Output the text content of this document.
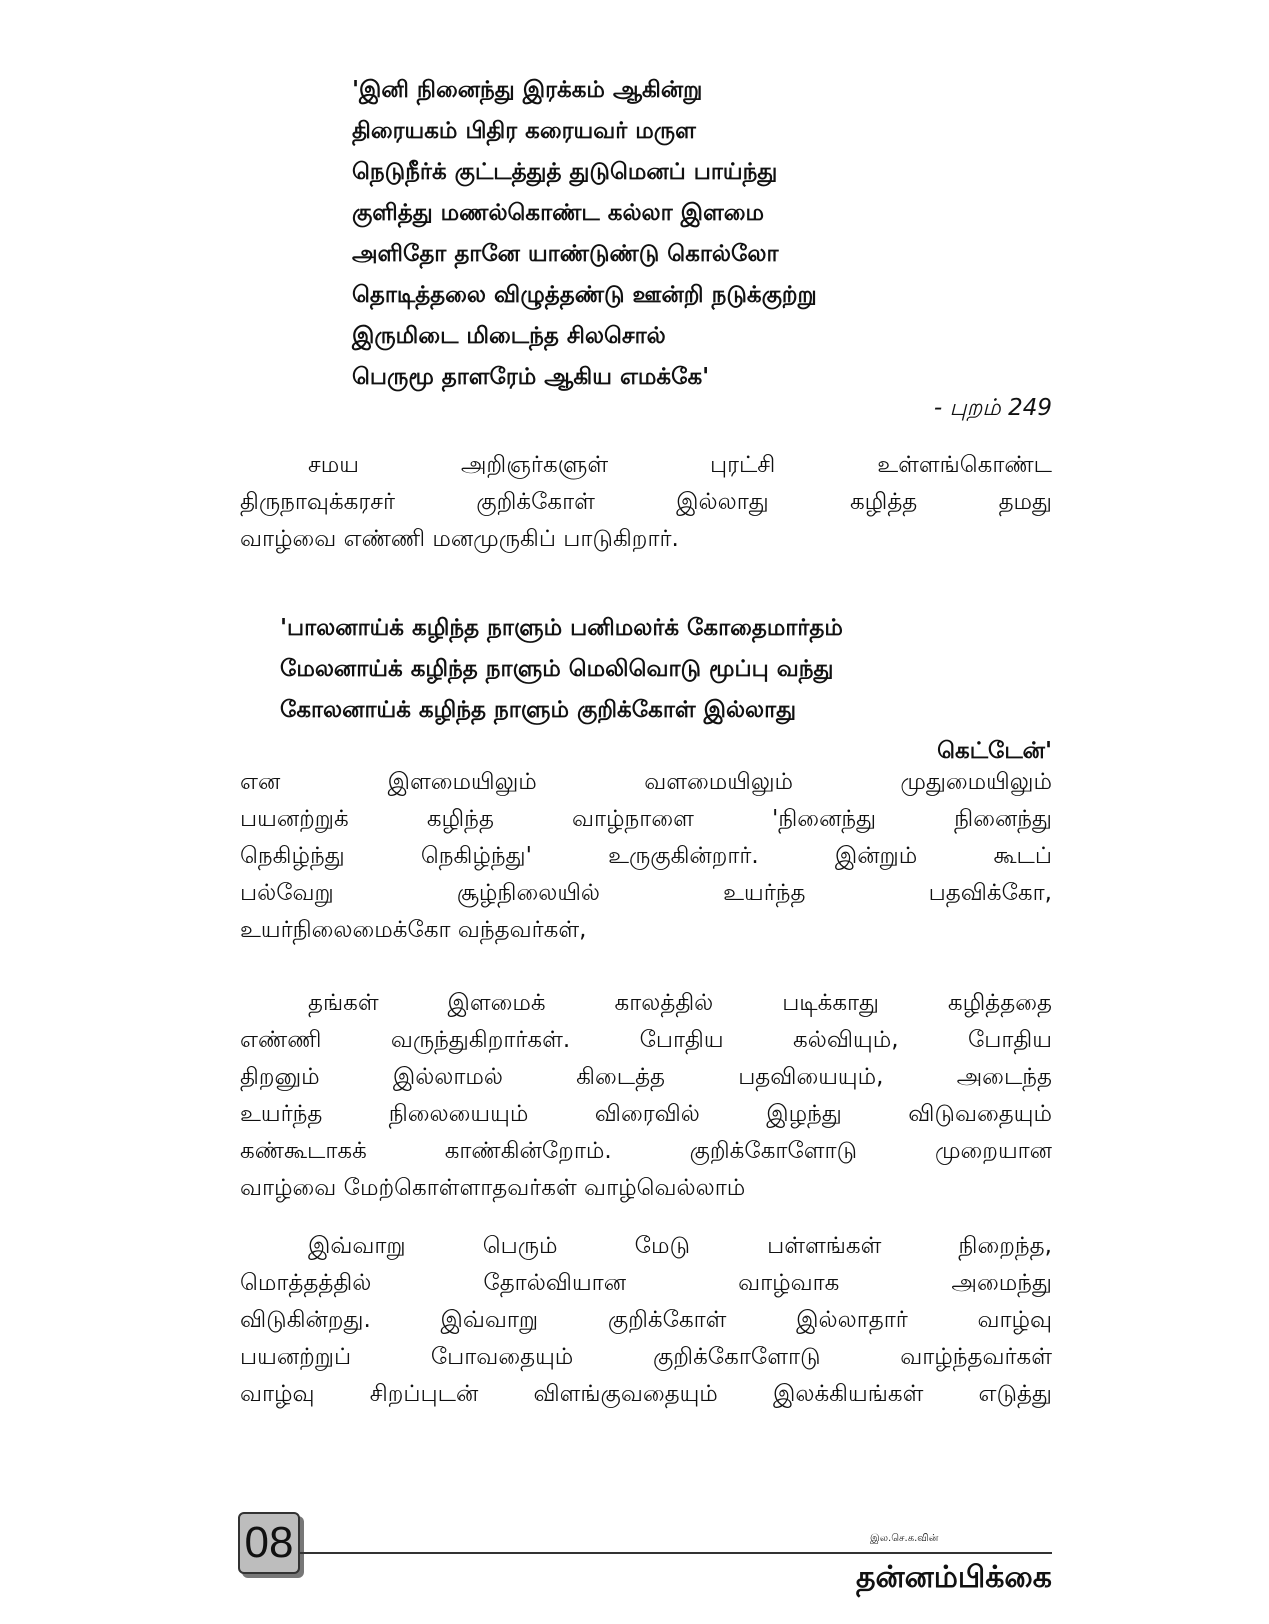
'இனி நினைந்து இரக்கம் ஆகின்று
திரையகம் பிதிர கரையவர் மருள
நெடுநீர்க் குட்டத்துத் துடுமெனப் பாய்ந்து
குளித்து மணல்கொண்ட கல்லா இளமை
அளிதோ தானே யாண்டுண்டு கொல்லோ
தொடித்தலை விழுத்தண்டு ஊன்றி நடுக்குற்று
இருமிடை மிடைந்த சிலசொல்
பெருமூ தாளரேம் ஆகிய எமக்கே'
- புறம் 249
சமய	அறிஞர்களுள்	புரட்சி	உள்ளங்கொண்ட
திருநாவுக்கரசர்	குறிக்கோள்	இல்லாது	கழித்த	தமது
வாழ்வை எண்ணி மனமுருகிப் பாடுகிறார்.
'பாலனாய்க் கழிந்த நாளும் பனிமலர்க் கோதைமார்தம்
மேலனாய்க் கழிந்த நாளும் மெலிவொடு மூப்பு வந்து
கோலனாய்க் கழிந்த நாளும் குறிக்கோள் இல்லாது
கெட்டேன்'
என	இளமையிலும்	வளமையிலும்	முதுமையிலும்
பயனற்றுக்	கழிந்த	வாழ்நாளை	'நினைந்து	நினைந்து
நெகிழ்ந்து	நெகிழ்ந்து'	உருகுகின்றார்.	இன்றும்	கூடப்
பல்வேறு	சூழ்நிலையில்	உயர்ந்த	பதவிக்கோ,
உயர்நிலைமைக்கோ வந்தவர்கள்,
தங்கள்	இளமைக்	காலத்தில்	படிக்காது	கழித்ததை
எண்ணி	வருந்துகிறார்கள்.	போதிய	கல்வியும்,	போதிய
திறனும்	இல்லாமல்	கிடைத்த	பதவியையும்,	அடைந்த
உயர்ந்த	நிலையையும்	விரைவில்	இழந்து	விடுவதையும்
கண்கூடாகக்	காண்கின்றோம்.	குறிக்கோளோடு	முறையான
வாழ்வை மேற்கொள்ளாதவர்கள் வாழ்வெல்லாம்
இவ்வாறு	பெரும்	மேடு	பள்ளங்கள்	நிறைந்த,
மொத்தத்தில்	தோல்வியான	வாழ்வாக	அமைந்து
விடுகின்றது.	இவ்வாறு	குறிக்கோள்	இல்லாதார்	வாழ்வு
பயனற்றுப்	போவதையும்	குறிக்கோளோடு	வாழ்ந்தவர்கள்
வாழ்வு சிறப்புடன் விளங்குவதையும் இலக்கியங்கள் எடுத்து
08	இல.செ.க.வின்
தன்னம்பிக்கை
